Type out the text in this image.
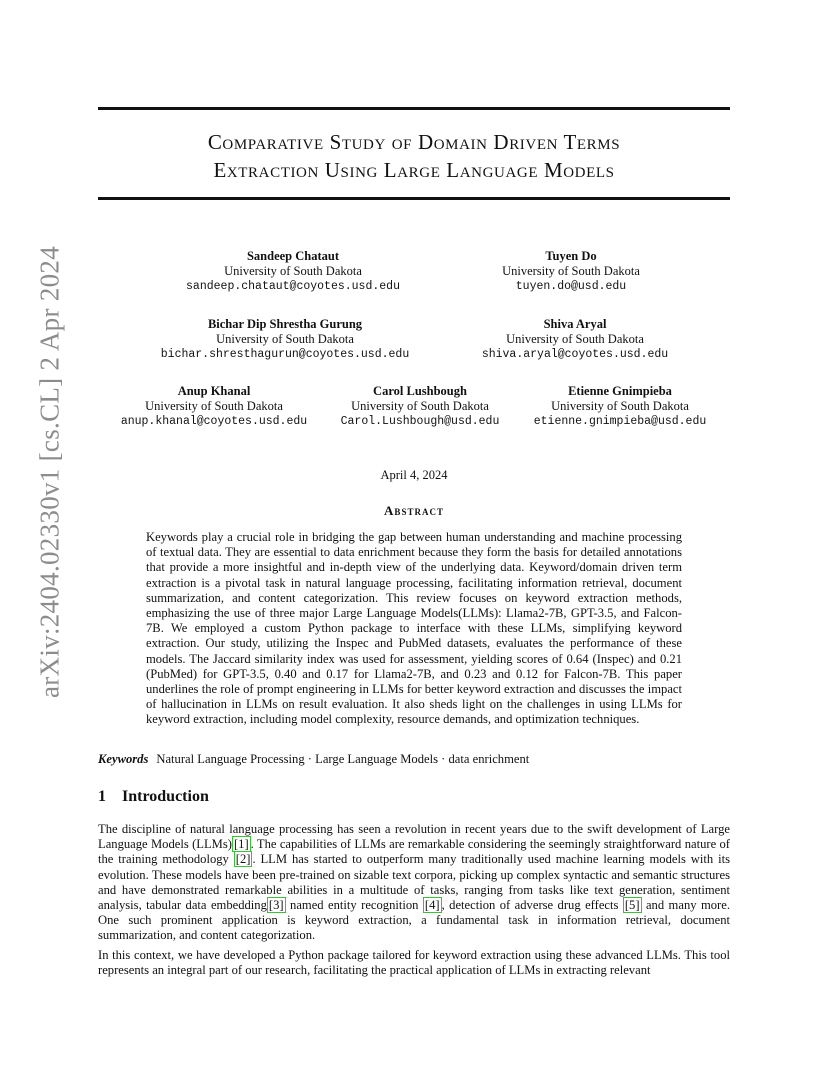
arXiv:2404.02330v1 [cs.CL] 2 Apr 2024
Comparative Study of Domain Driven Terms
Extraction Using Large Language Models
Sandeep Chataut
University of South Dakota
sandeep.chataut@coyotes.usd.edu
Tuyen Do
University of South Dakota
tuyen.do@usd.edu
Bichar Dip Shrestha Gurung
University of South Dakota
bichar.shresthagurun@coyotes.usd.edu
Shiva Aryal
University of South Dakota
shiva.aryal@coyotes.usd.edu
Anup Khanal
University of South Dakota
anup.khanal@coyotes.usd.edu
Carol Lushbough
University of South Dakota
Carol.Lushbough@usd.edu
Etienne Gnimpieba
University of South Dakota
etienne.gnimpieba@usd.edu
April 4, 2024
Abstract
Keywords play a crucial role in bridging the gap between human understanding and machine processing of textual data. They are essential to data enrichment because they form the basis for detailed annotations that provide a more insightful and in-depth view of the underlying data. Keyword/domain driven term extraction is a pivotal task in natural language processing, facilitating information retrieval, document summarization, and content categorization. This review focuses on keyword extraction methods, emphasizing the use of three major Large Language Models(LLMs): Llama2-7B, GPT-3.5, and Falcon-7B. We employed a custom Python package to interface with these LLMs, simplifying keyword extraction. Our study, utilizing the Inspec and PubMed datasets, evaluates the performance of these models. The Jaccard similarity index was used for assessment, yielding scores of 0.64 (Inspec) and 0.21 (PubMed) for GPT-3.5, 0.40 and 0.17 for Llama2-7B, and 0.23 and 0.12 for Falcon-7B. This paper underlines the role of prompt engineering in LLMs for better keyword extraction and discusses the impact of hallucination in LLMs on result evaluation. It also sheds light on the challenges in using LLMs for keyword extraction, including model complexity, resource demands, and optimization techniques.
Keywords Natural Language Processing · Large Language Models · data enrichment
1 Introduction
The discipline of natural language processing has seen a revolution in recent years due to the swift development of Large Language Models (LLMs) [1] . The capabilities of LLMs are remarkable considering the seemingly straightforward nature of the training methodology [2] . LLM has started to outperform many traditionally used machine learning models with its evolution. These models have been pre-trained on sizable text corpora, picking up complex syntactic and semantic structures and have demonstrated remarkable abilities in a multitude of tasks, ranging from tasks like text generation, sentiment analysis, tabular data embedding [3] named entity recognition [4] , detection of adverse drug effects [5] and many more. One such prominent application is keyword extraction, a fundamental task in information retrieval, document summarization, and content categorization.
In this context, we have developed a Python package tailored for keyword extraction using these advanced LLMs. This tool represents an integral part of our research, facilitating the practical application of LLMs in extracting relevant
